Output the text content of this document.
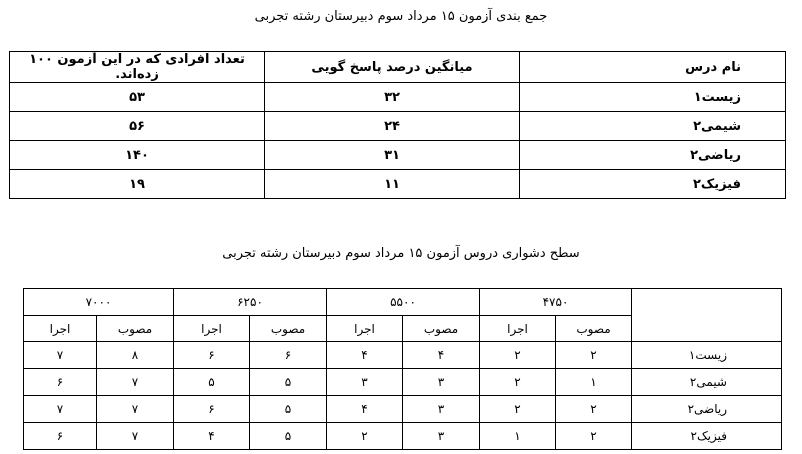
جمع بندی آزمون ۱۵ مرداد سوم دبیرستان رشته تجربی
نام درس	میانگین درصد پاسخ گویی	تعداد افرادی که در این آزمون ۱۰۰ زده‌اند.
زیست۱	۳۲	۵۳
شیمی۲	۲۴	۵۶
ریاضی۲	۳۱	۱۴۰
فیزیک۲	۱۱	۱۹
سطح دشواری دروس آزمون ۱۵ مرداد سوم دبیرستان رشته تجربی
	۴۷۵۰		۵۵۰۰		۶۲۵۰		۷۰۰۰	
	مصوب	اجرا	مصوب	اجرا	مصوب	اجرا	مصوب	اجرا
زیست۱	۲	۲	۴	۴	۶	۶	۸	۷
شیمی۲	۱	۲	۳	۳	۵	۵	۷	۶
ریاضی۲	۲	۲	۳	۴	۵	۶	۷	۷
فیزیک۲	۲	۱	۳	۲	۵	۴	۷	۶
